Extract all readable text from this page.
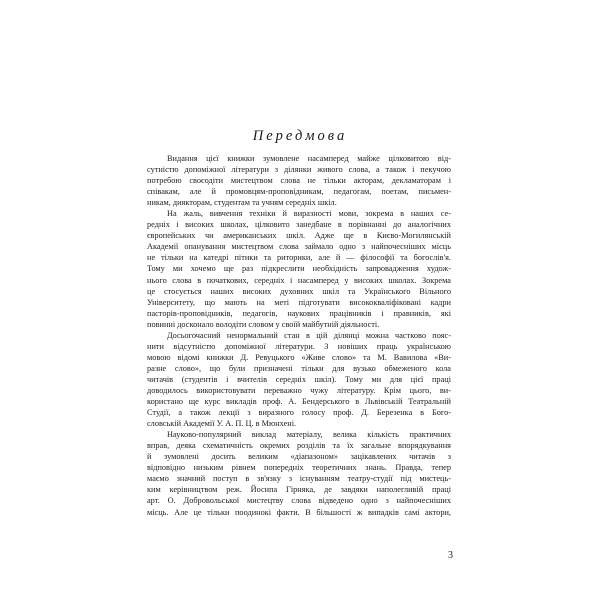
Передмова
Видання цієї книжки зумовлене насамперед майже цілковитою від-
сутністю допоміжної літератури з ділянки живого слова, а також і пекучою
потребою своєодіти мистецтвом слова не тільки акторам, декламаторам і
співакам, але й промовцям-проповідникам, педагогам, поетам, письмен-
никам, диякторам, студентам та учням середніх шкіл.
На жаль, вивчення техніки й виразності мови, зокрема в наших се-
редніх і високих школах, цілковито занедбане в порівнанні до аналогічних
європейських чи американських шкіл. Адже ще в Києво-Могилянській
Академії опанування мистецтвом слова займало одно з найпочесніших місць
не тільки на катедрі пітики та риторики, але й — філософії та богослів'я.
Тому ми хочемо ще раз підкреслити необхідність запровадження худож-
нього слова в початкових, середніх і насамперед у високих школах. Зокрема
це стосується наших високих духовних шкіл та Українського Вільного
Університету, що мають на меті підготувати висококваліфіковані кадри
пасторів-проповідників, педагогів, наукових працівників і правників, які
повинні досконало володіти словом у своїй майбутній діяльності.
Досьогочасний ненормальний стан в цій ділянці можна частково пояс-
нити відсутністю допоміжної літератури. З новіших праць українською
мовою відомі книжки Д. Ревуцького «Живе слово» та М. Вавилова «Ви-
разне слово», що були призначені тільки для вузько обмеженого кола
читачів (студентів і вчителів середніх шкіл). Тому ми для цієї праці
доводилось використовувати переважно чужу літературу. Крім цього, ви-
користано ще курс викладів проф. А. Бендерського в Львівській Театральній
Студії, а також лекції з виразного голосу проф. Д. Березенка в Бого-
словській Академії У. А. П. Ц. в Мюнхені.
Науково-популярний виклад матеріалу, велика кількість практичних
вправ, деяка схематичність окремих розділів та їх загальне впорядкування
й зумовлені досить великим «діапазоном» зацікавлених читачів з
відповідно низьким рівнем попередніх теоретичних знань. Правда, тепер
маємо значний поступ в зв'язку з існуванням театру-студії під мистець-
ким керівництвом реж. Йосипа Гірняка, де завдяки наполегливій праці
арт. О. Добровольської мистецтву слова відведено одно з найпочесніших
місць. Але це тільки поодинокі факти. В більшості ж випадків самі актори,
3
